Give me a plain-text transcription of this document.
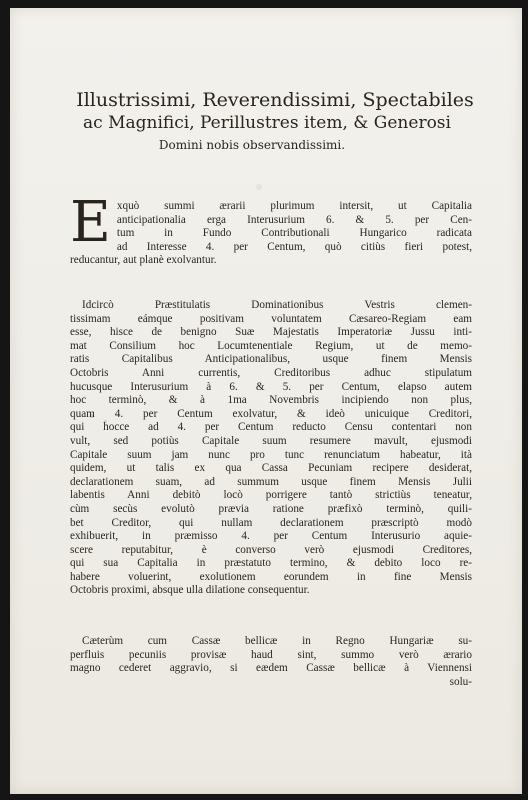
Illustrissimi, Reverendissimi, Spectabiles
ac Magnifici, Perillustres item, & Generosi
Domini nobis observandissimi.
E xquò summi ærarii plurimum intersit, ut Capitalia
anticipationalia erga Interusurium 6. & 5. per Cen-
tum in Fundo Contributionali Hungarico radicata
ad Interesse 4. per Centum, quò citiùs fieri potest,
reducantur, aut planè exolvantur.
Idcircò Præstitulatis Dominationibus Vestris clemen-
tissimam eámque positivam voluntatem Cæsareo-Regiam eam
esse, hisce de benigno Suæ Majestatis Imperatoriæ Jussu inti-
mat Consilium hoc Locumtenentiale Regium, ut de memo-
ratis Capitalibus Anticipationalibus, usque finem Mensis
Octobris Anni currentis, Creditoribus adhuc stipulatum
hucusque Interusurium à 6. & 5. per Centum, elapso autem
hoc terminò, & à 1ma Novembris incipiendo non plus,
quam 4. per Centum exolvatur, & ideò unicuique Creditori,
qui hocce ad 4. per Centum reducto Censu contentari non
vult, sed potiùs Capitale suum resumere mavult, ejusmodi
Capitale suum jam nunc pro tunc renunciatum habeatur, ità
quidem, ut talis ex qua Cassa Pecuniam recipere desiderat,
declarationem suam, ad summum usque finem Mensis Julii
labentis Anni debitò locò porrigere tantò strictiùs teneatur,
cùm secùs evolutò prævia ratione præfixò terminò, quili-
bet Creditor, qui nullam declarationem præscriptò modò
exhibuerit, in præmisso 4. per Centum Interusurio aquie-
scere reputabitur, è converso verò ejusmodi Creditores,
qui sua Capitalia in præstatuto termino, & debito loco re-
habere voluerint, exolutionem eorundem in fine Mensis
Octobris proximi, absque ulla dilatione consequentur.
Cæterùm cum Cassæ bellicæ in Regno Hungariæ su-
perfluis pecuniis provisæ haud sint, summo verò ærario
magno cederet aggravio, si eædem Cassæ bellicæ à Viennensi
solu-
